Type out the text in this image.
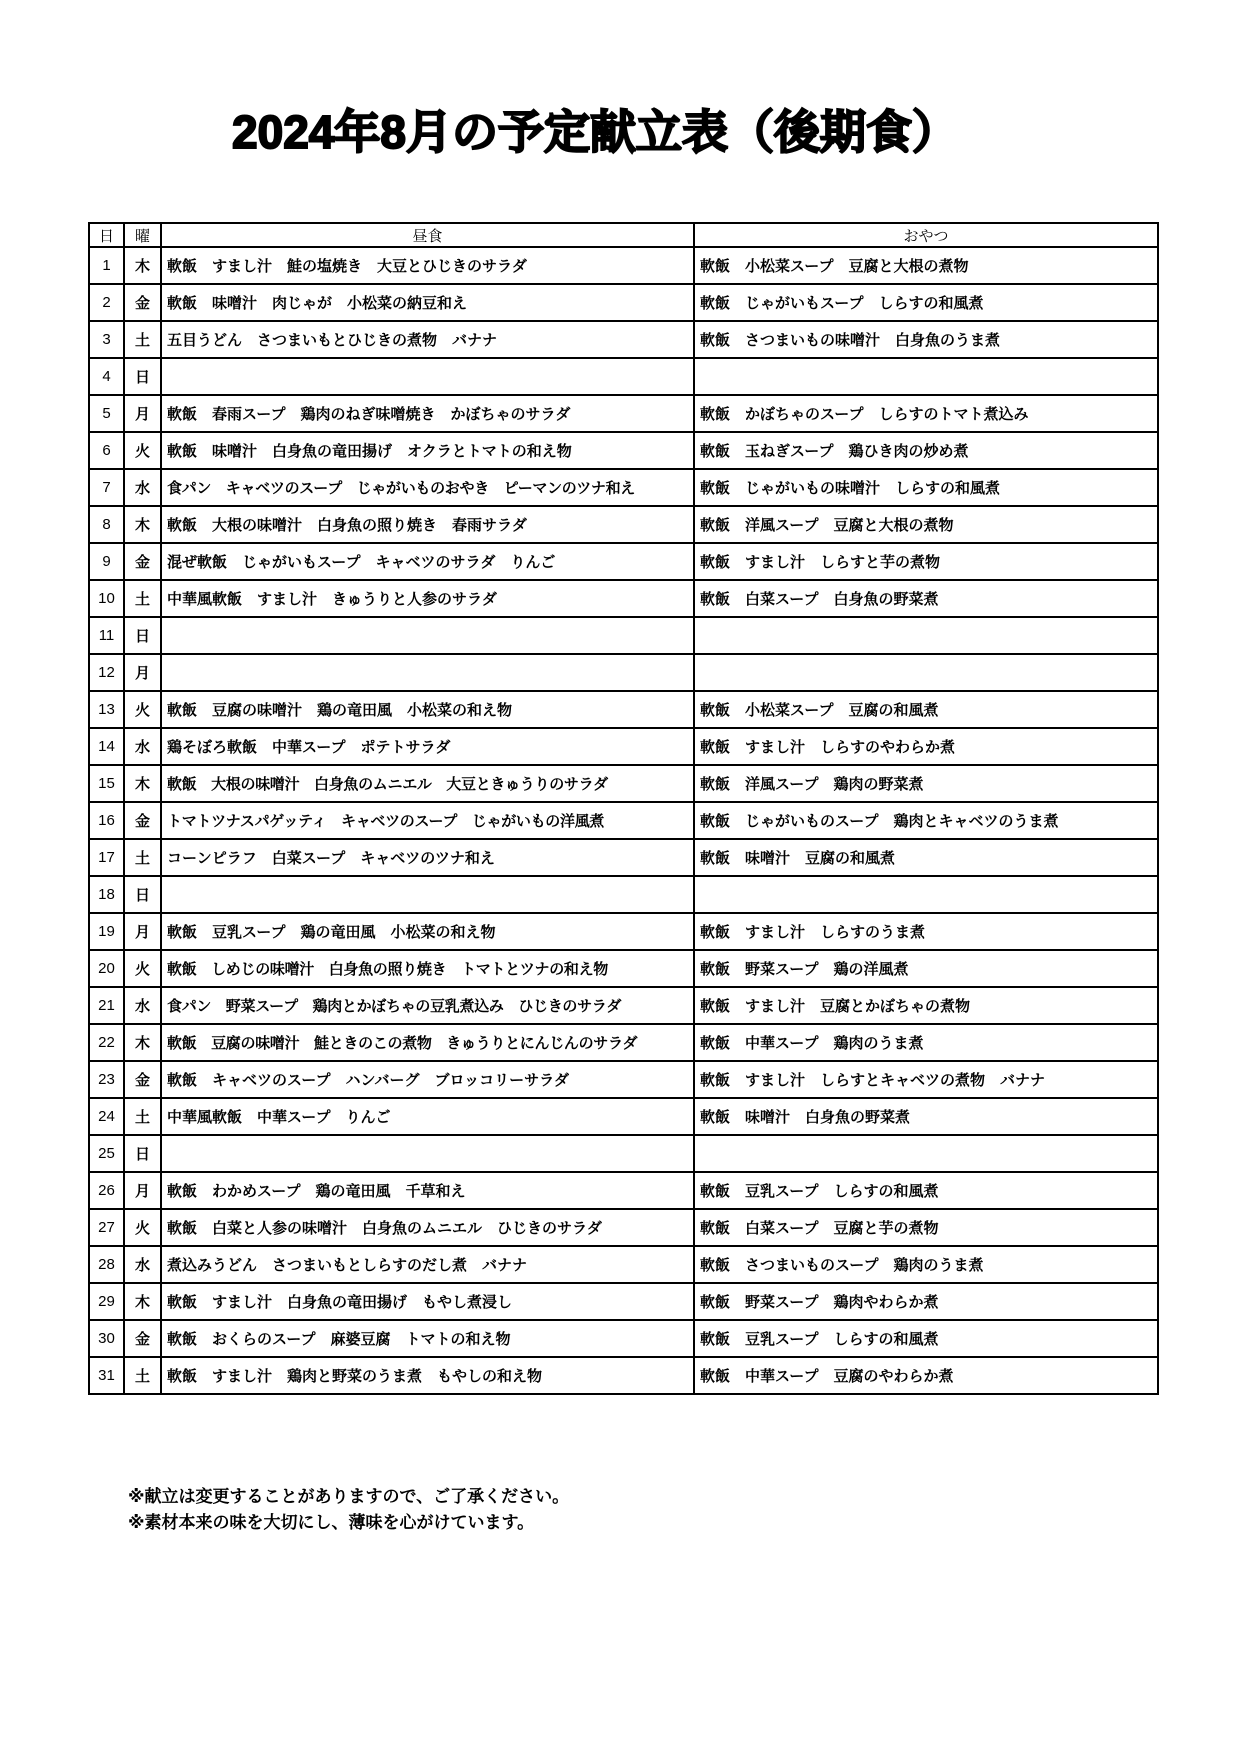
2024年8月の予定献立表（後期食）
日	曜	昼食	おやつ
1	木	軟飯　すまし汁　鮭の塩焼き　大豆とひじきのサラダ	軟飯　小松菜スープ　豆腐と大根の煮物
2	金	軟飯　味噌汁　肉じゃが　小松菜の納豆和え	軟飯　じゃがいもスープ　しらすの和風煮
3	土	五目うどん　さつまいもとひじきの煮物　バナナ	軟飯　さつまいもの味噌汁　白身魚のうま煮
4	日		
5	月	軟飯　春雨スープ　鶏肉のねぎ味噌焼き　かぼちゃのサラダ	軟飯　かぼちゃのスープ　しらすのトマト煮込み
6	火	軟飯　味噌汁　白身魚の竜田揚げ　オクラとトマトの和え物	軟飯　玉ねぎスープ　鶏ひき肉の炒め煮
7	水	食パン　キャベツのスープ　じゃがいものおやき　ピーマンのツナ和え	軟飯　じゃがいもの味噌汁　しらすの和風煮
8	木	軟飯　大根の味噌汁　白身魚の照り焼き　春雨サラダ	軟飯　洋風スープ　豆腐と大根の煮物
9	金	混ぜ軟飯　じゃがいもスープ　キャベツのサラダ　りんご	軟飯　すまし汁　しらすと芋の煮物
10	土	中華風軟飯　すまし汁　きゅうりと人参のサラダ	軟飯　白菜スープ　白身魚の野菜煮
11	日		
12	月		
13	火	軟飯　豆腐の味噌汁　鶏の竜田風　小松菜の和え物	軟飯　小松菜スープ　豆腐の和風煮
14	水	鶏そぼろ軟飯　中華スープ　ポテトサラダ	軟飯　すまし汁　しらすのやわらか煮
15	木	軟飯　大根の味噌汁　白身魚のムニエル　大豆ときゅうりのサラダ	軟飯　洋風スープ　鶏肉の野菜煮
16	金	トマトツナスパゲッティ　キャベツのスープ　じゃがいもの洋風煮	軟飯　じゃがいものスープ　鶏肉とキャベツのうま煮
17	土	コーンピラフ　白菜スープ　キャベツのツナ和え	軟飯　味噌汁　豆腐の和風煮
18	日		
19	月	軟飯　豆乳スープ　鶏の竜田風　小松菜の和え物	軟飯　すまし汁　しらすのうま煮
20	火	軟飯　しめじの味噌汁　白身魚の照り焼き　トマトとツナの和え物	軟飯　野菜スープ　鶏の洋風煮
21	水	食パン　野菜スープ　鶏肉とかぼちゃの豆乳煮込み　ひじきのサラダ	軟飯　すまし汁　豆腐とかぼちゃの煮物
22	木	軟飯　豆腐の味噌汁　鮭ときのこの煮物　きゅうりとにんじんのサラダ	軟飯　中華スープ　鶏肉のうま煮
23	金	軟飯　キャベツのスープ　ハンバーグ　ブロッコリーサラダ	軟飯　すまし汁　しらすとキャベツの煮物　バナナ
24	土	中華風軟飯　中華スープ　りんご	軟飯　味噌汁　白身魚の野菜煮
25	日		
26	月	軟飯　わかめスープ　鶏の竜田風　千草和え	軟飯　豆乳スープ　しらすの和風煮
27	火	軟飯　白菜と人参の味噌汁　白身魚のムニエル　ひじきのサラダ	軟飯　白菜スープ　豆腐と芋の煮物
28	水	煮込みうどん　さつまいもとしらすのだし煮　バナナ	軟飯　さつまいものスープ　鶏肉のうま煮
29	木	軟飯　すまし汁　白身魚の竜田揚げ　もやし煮浸し	軟飯　野菜スープ　鶏肉やわらか煮
30	金	軟飯　おくらのスープ　麻婆豆腐　トマトの和え物	軟飯　豆乳スープ　しらすの和風煮
31	土	軟飯　すまし汁　鶏肉と野菜のうま煮　もやしの和え物	軟飯　中華スープ　豆腐のやわらか煮
※献立は変更することがありますので、ご了承ください。
※素材本来の味を大切にし、薄味を心がけています。
